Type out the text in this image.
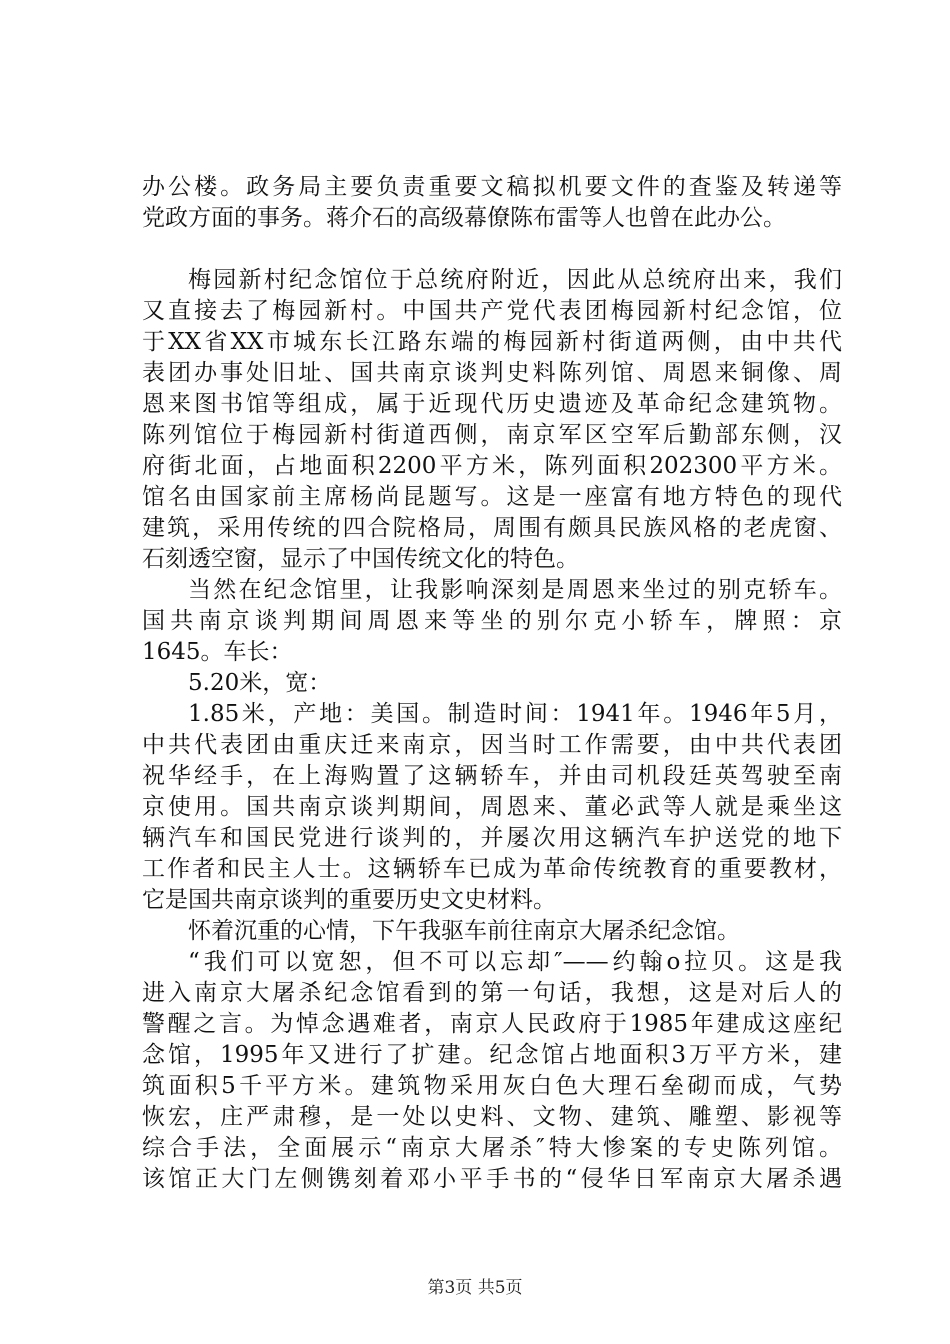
办公楼。政务局主要负责重要文稿拟机要文件的査鉴及转递等
党政方面的事务。蒋介石的高级幕僚陈布雷等人也曾在此办公。
梅园新村纪念馆位于总统府附近，因此从总统府出来，我们
又直接去了梅园新村。中国共产党代表团梅园新村纪念馆，位
于XX省XX市城东长江路东端的梅园新村街道两侧，由中共代
表团办事处旧址、国共南京谈判史料陈列馆、周恩来铜像、周
恩来图书馆等组成，属于近现代历史遗迹及革命纪念建筑物。
陈列馆位于梅园新村街道西侧，南京军区空军后勤部东侧，汉
府街北面，占地面积2200平方米，陈列面积202300平方米。
馆名由国家前主席杨尚昆题写。这是一座富有地方特色的现代
建筑，采用传统的四合院格局，周围有颇具民族风格的老虎窗、
石刻透空窗，显示了中国传统文化的特色。
当然在纪念馆里，让我影响深刻是周恩来坐过的别克轿车。
国共南京谈判期间周恩来等坐的别尔克小轿车，牌照：京
1645。车长：
5.20米，宽：
1.85米，产地：美国。制造时间：1941年。1946年5月，
中共代表团由重庆迁来南京，因当时工作需要，由中共代表团
祝华经手，在上海购置了这辆轿车，并由司机段廷英驾驶至南
京使用。国共南京谈判期间，周恩来、董必武等人就是乘坐这
辆汽车和国民党进行谈判的，并屡次用这辆汽车护送党的地下
工作者和民主人士。这辆轿车已成为革命传统教育的重要教材，
它是国共南京谈判的重要历史文史材料。
怀着沉重的心情，下午我驱车前往南京大屠杀纪念馆。
“我们可以宽恕，但不可以忘却″——约翰o拉贝。这是我
进入南京大屠杀纪念馆看到的第一句话，我想，这是对后人的
警醒之言。为悼念遇难者，南京人民政府于1985年建成这座纪
念馆，1995年又进行了扩建。纪念馆占地面积3万平方米，建
筑面积5千平方米。建筑物采用灰白色大理石垒砌而成，气势
恢宏，庄严肃穆，是一处以史料、文物、建筑、雕塑、影视等
综合手法，全面展示“南京大屠杀″特大惨案的专史陈列馆。
该馆正大门左侧镌刻着邓小平手书的“侵华日军南京大屠杀遇
第3页 共5页
